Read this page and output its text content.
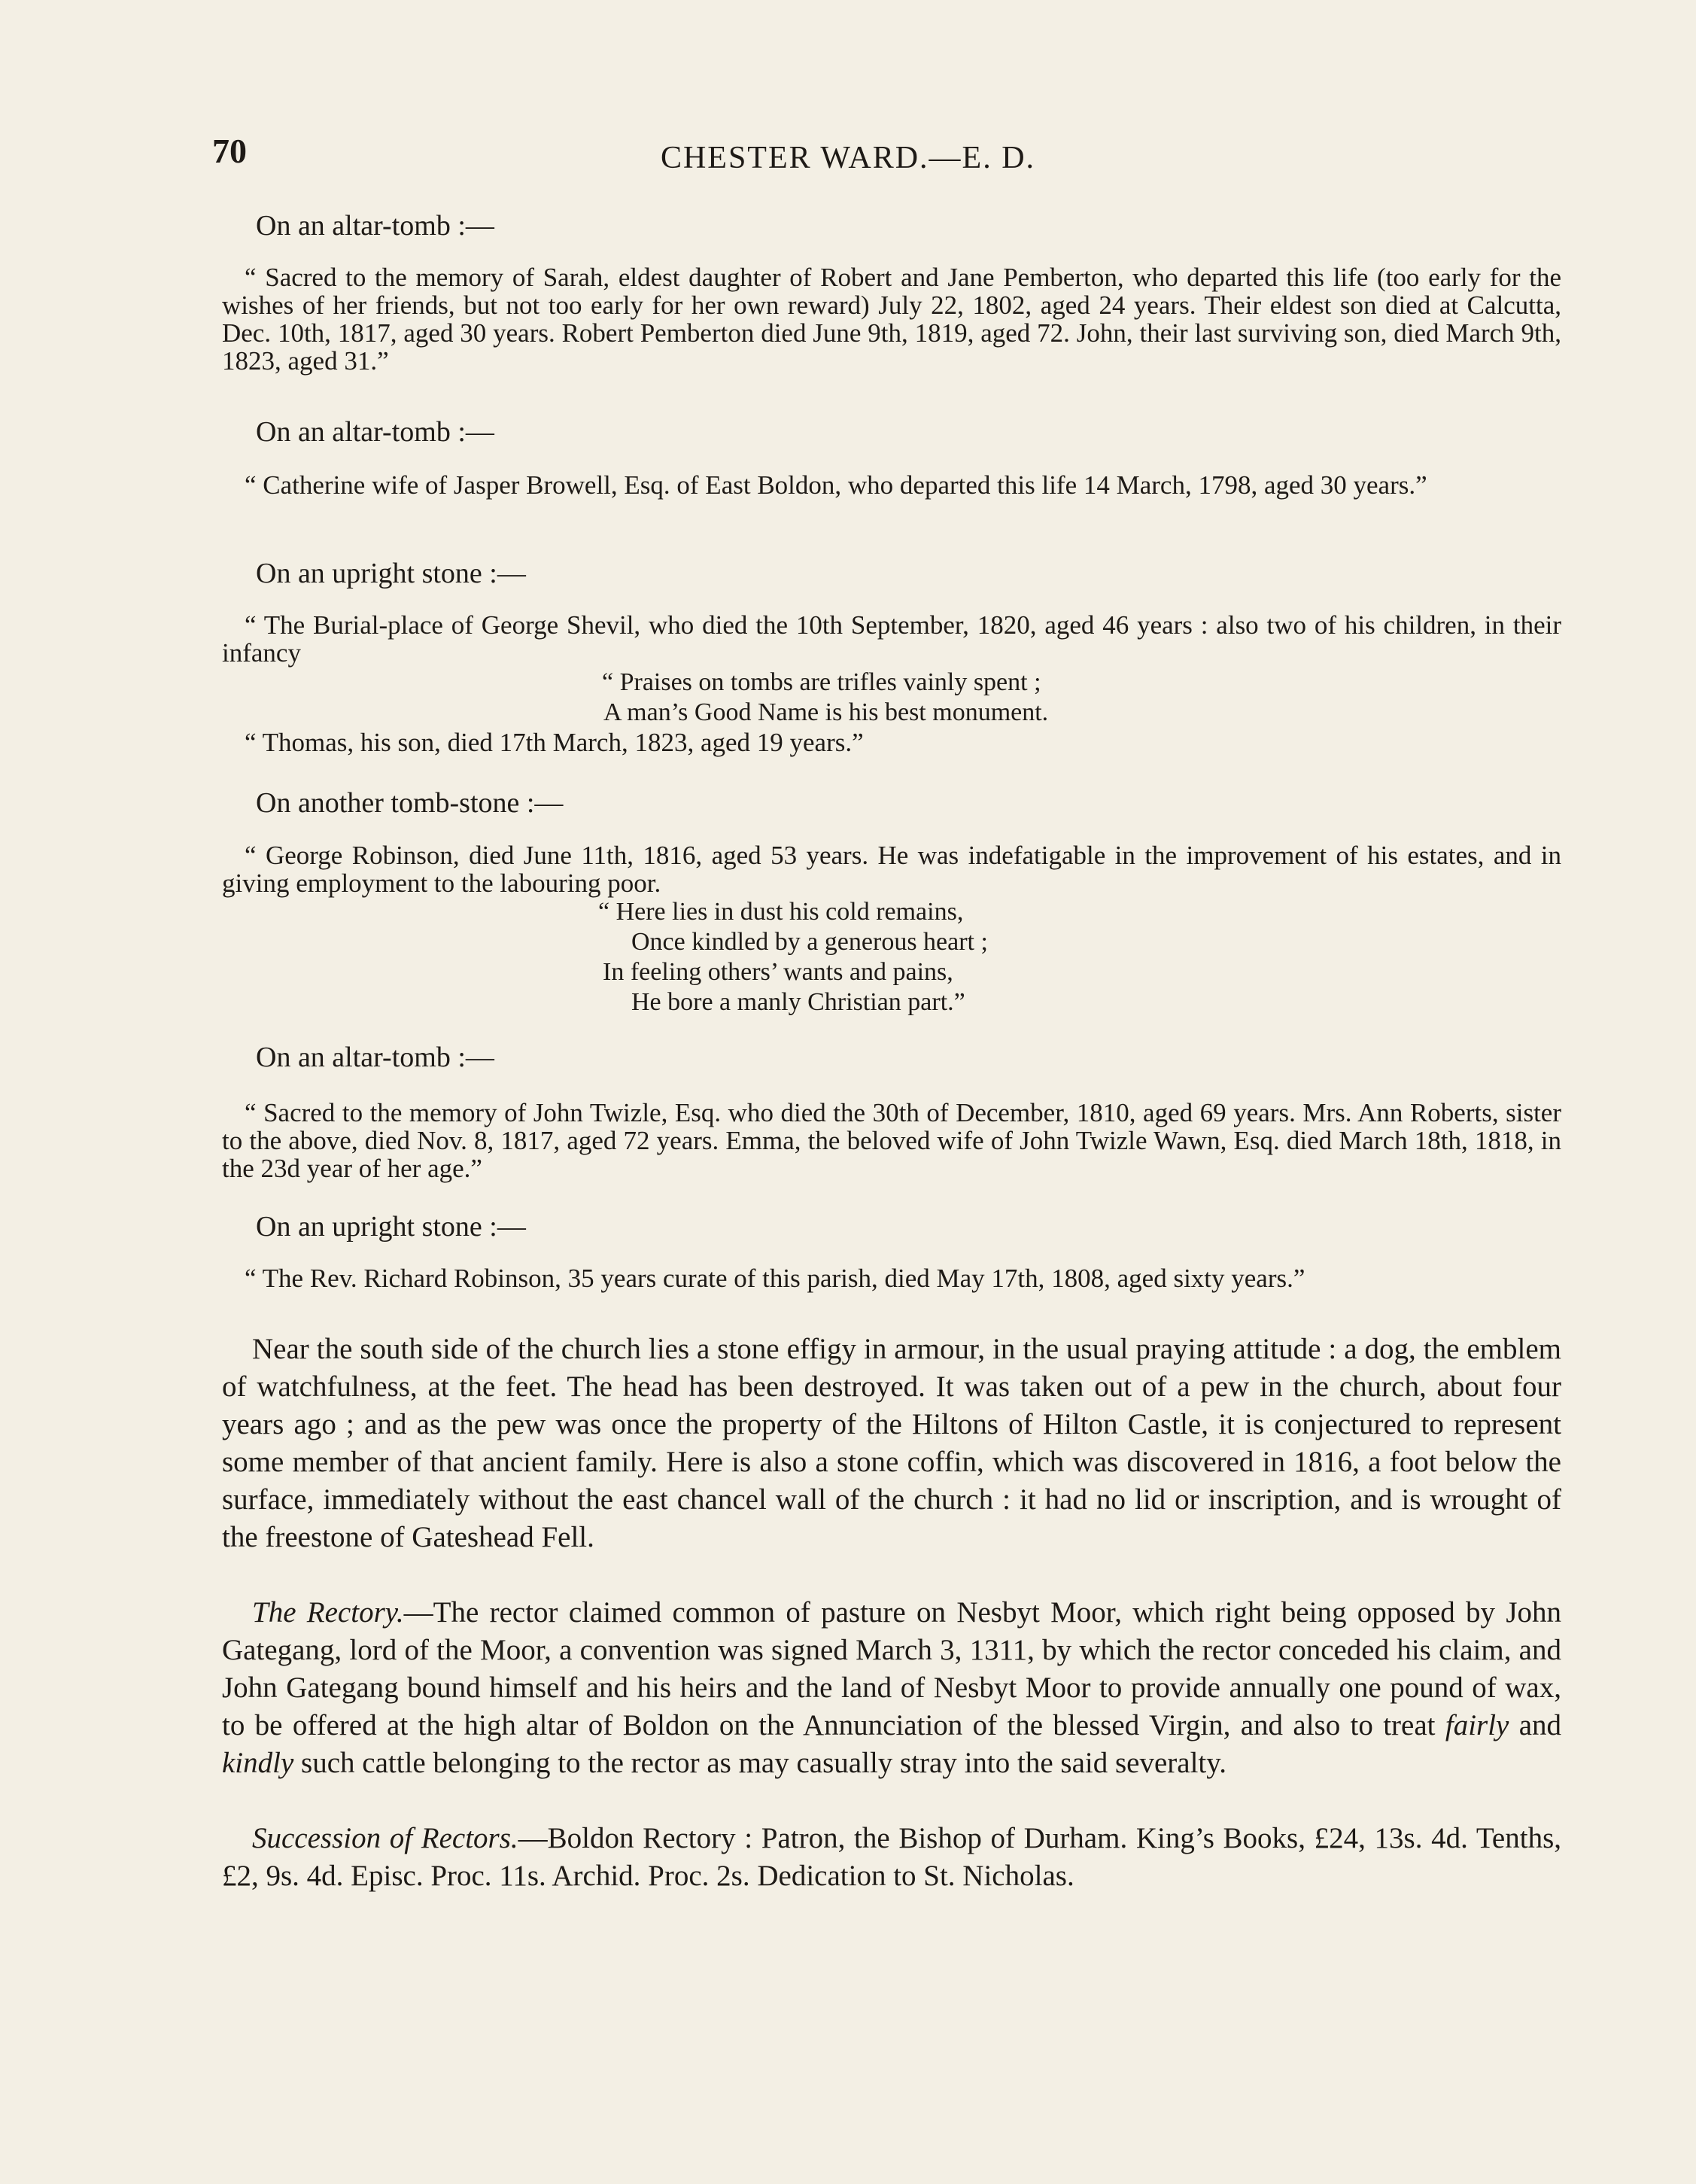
70	CHESTER WARD.—E. D.
On an altar-tomb :—
“ Sacred to the memory of Sarah, eldest daughter of Robert and Jane Pemberton, who departed this life (too early for the wishes of her friends, but not too early for her own reward) July 22, 1802, aged 24 years. Their eldest son died at Calcutta, Dec. 10th, 1817, aged 30 years. Robert Pemberton died June 9th, 1819, aged 72. John, their last surviving son, died March 9th, 1823, aged 31.”
On an altar-tomb :—
“ Catherine wife of Jasper Browell, Esq. of East Boldon, who departed this life 14 March, 1798, aged 30 years.”
On an upright stone :—
“ The Burial-place of George Shevil, who died the 10th September, 1820, aged 46 years : also two of his children, in their infancy
“ Praises on tombs are trifles vainly spent ;
A man’s Good Name is his best monument.
“ Thomas, his son, died 17th March, 1823, aged 19 years.”
On another tomb-stone :—
“ George Robinson, died June 11th, 1816, aged 53 years. He was indefatigable in the improvement of his estates, and in giving employment to the labouring poor.
“ Here lies in dust his cold remains,
Once kindled by a generous heart ;
In feeling others’ wants and pains,
He bore a manly Christian part.”
On an altar-tomb :—
“ Sacred to the memory of John Twizle, Esq. who died the 30th of December, 1810, aged 69 years. Mrs. Ann Roberts, sister to the above, died Nov. 8, 1817, aged 72 years. Emma, the beloved wife of John Twizle Wawn, Esq. died March 18th, 1818, in the 23d year of her age.”
On an upright stone :—
“ The Rev. Richard Robinson, 35 years curate of this parish, died May 17th, 1808, aged sixty years.”
Near the south side of the church lies a stone effigy in armour, in the usual praying attitude : a dog, the emblem of watchfulness, at the feet. The head has been destroyed. It was taken out of a pew in the church, about four years ago ; and as the pew was once the property of the Hiltons of Hilton Castle, it is conjectured to represent some member of that ancient family. Here is also a stone coffin, which was discovered in 1816, a foot below the surface, immediately without the east chancel wall of the church : it had no lid or inscription, and is wrought of the freestone of Gateshead Fell.
The Rectory.—The rector claimed common of pasture on Nesbyt Moor, which right being opposed by John Gategang, lord of the Moor, a convention was signed March 3, 1311, by which the rector conceded his claim, and John Gategang bound himself and his heirs and the land of Nesbyt Moor to provide annually one pound of wax, to be offered at the high altar of Boldon on the Annunciation of the blessed Virgin, and also to treat fairly and kindly such cattle belonging to the rector as may casually stray into the said severalty.
Succession of Rectors.—Boldon Rectory : Patron, the Bishop of Durham. King’s Books, £24, 13s. 4d. Tenths, £2, 9s. 4d. Episc. Proc. 11s. Archid. Proc. 2s. Dedication to St. Nicholas.
